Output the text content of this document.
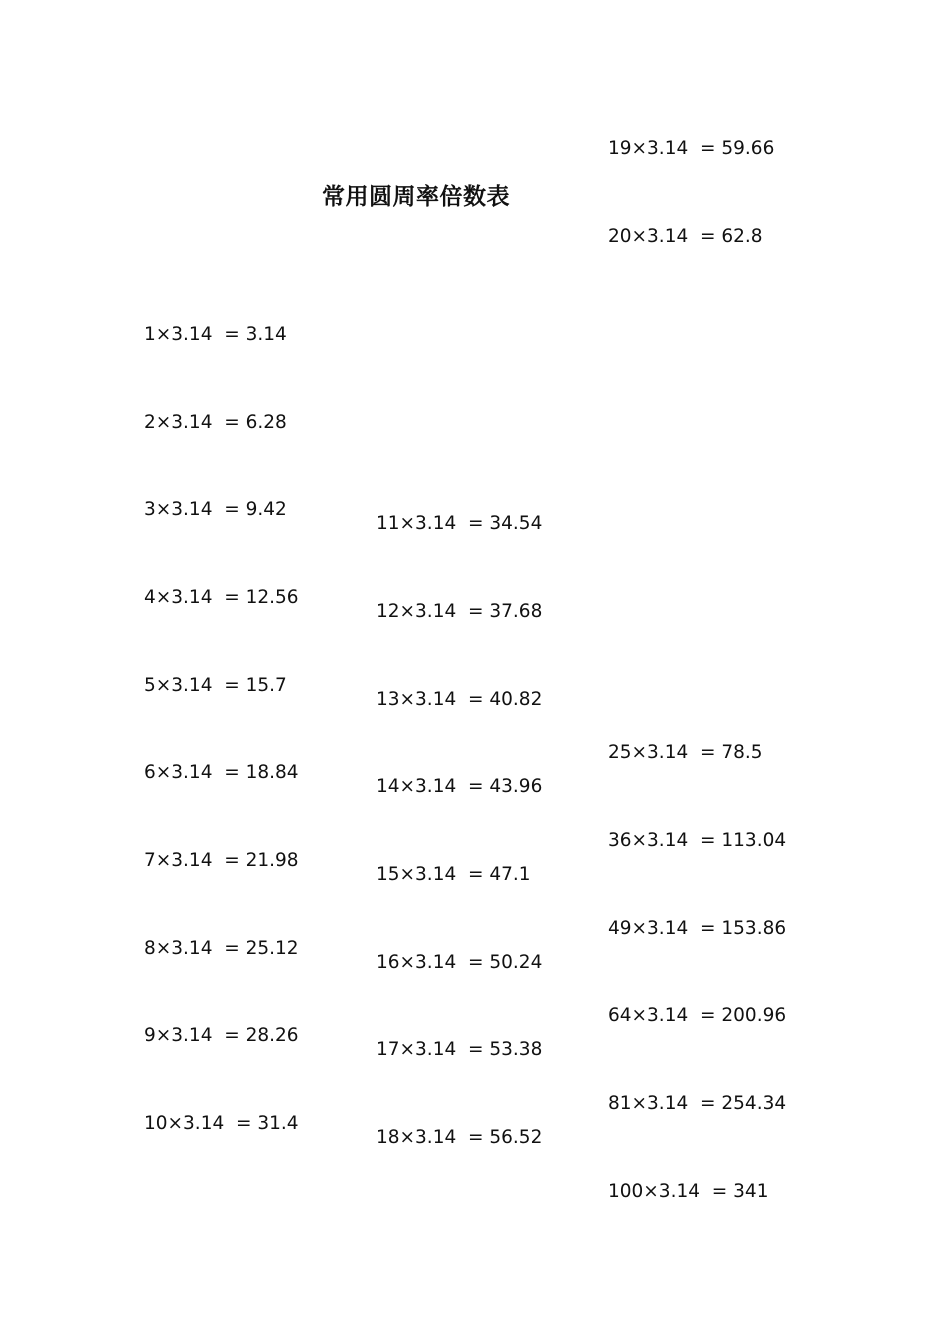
常用圆周率倍数表
19×3.14 = 59.66
20×3.14 = 62.8
1×3.14 = 3.14
2×3.14 = 6.28
3×3.14 = 9.42
4×3.14 = 12.56
5×3.14 = 15.7
6×3.14 = 18.84
7×3.14 = 21.98
8×3.14 = 25.12
9×3.14 = 28.26
10×3.14 = 31.4
11×3.14 = 34.54
12×3.14 = 37.68
13×3.14 = 40.82
14×3.14 = 43.96
15×3.14 = 47.1
16×3.14 = 50.24
17×3.14 = 53.38
18×3.14 = 56.52
25×3.14 = 78.5
36×3.14 = 113.04
49×3.14 = 153.86
64×3.14 = 200.96
81×3.14 = 254.34
100×3.14 = 341
